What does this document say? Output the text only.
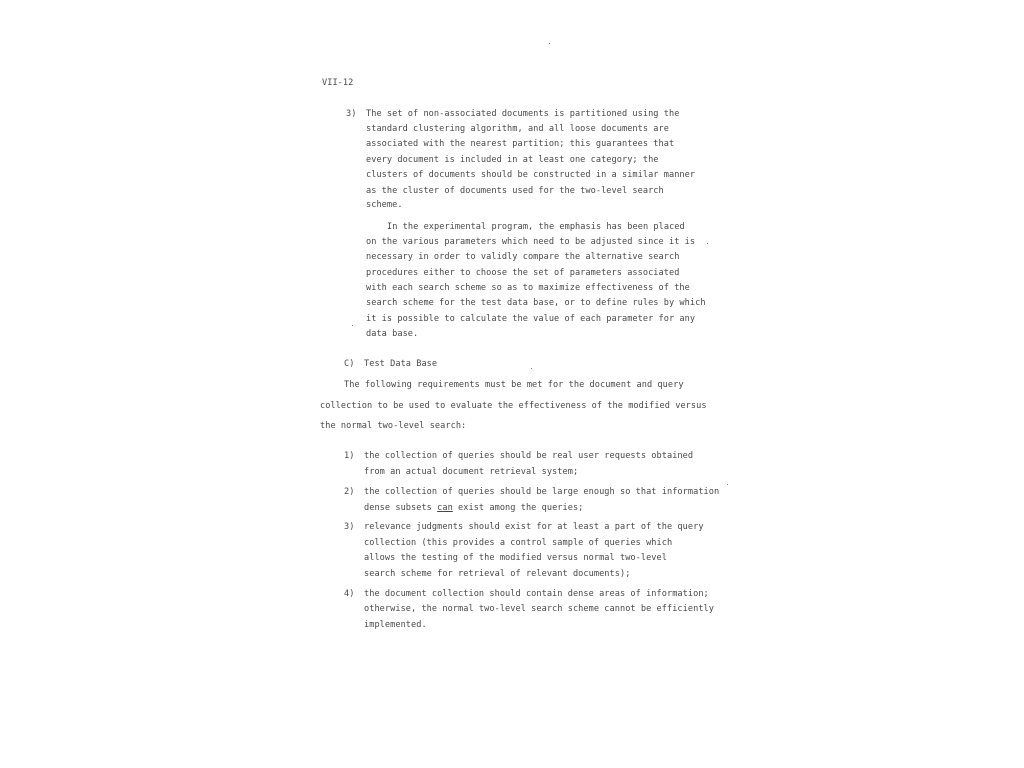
VII-12
3) The set of non-associated documents is partitioned using the
standard clustering algorithm, and all loose documents are
associated with the nearest partition; this guarantees that
every document is included in at least one category; the
clusters of documents should be constructed in a similar manner
as the cluster of documents used for the two-level search
scheme.
In the experimental program, the emphasis has been placed
on the various parameters which need to be adjusted since it is
necessary in order to validly compare the alternative search
procedures either to choose the set of parameters associated
with each search scheme so as to maximize effectiveness of the
search scheme for the test data base, or to define rules by which
it is possible to calculate the value of each parameter for any
data base.
C) Test Data Base
The following requirements must be met for the document and query
collection to be used to evaluate the effectiveness of the modified versus
the normal two-level search:
1) the collection of queries should be real user requests obtained
from an actual document retrieval system;
2) the collection of queries should be large enough so that information
dense subsets can exist among the queries;
3) relevance judgments should exist for at least a part of the query
collection (this provides a control sample of queries which
allows the testing of the modified versus normal two-level
search scheme for retrieval of relevant documents);
4) the document collection should contain dense areas of information;
otherwise, the normal two-level search scheme cannot be efficiently
implemented.
